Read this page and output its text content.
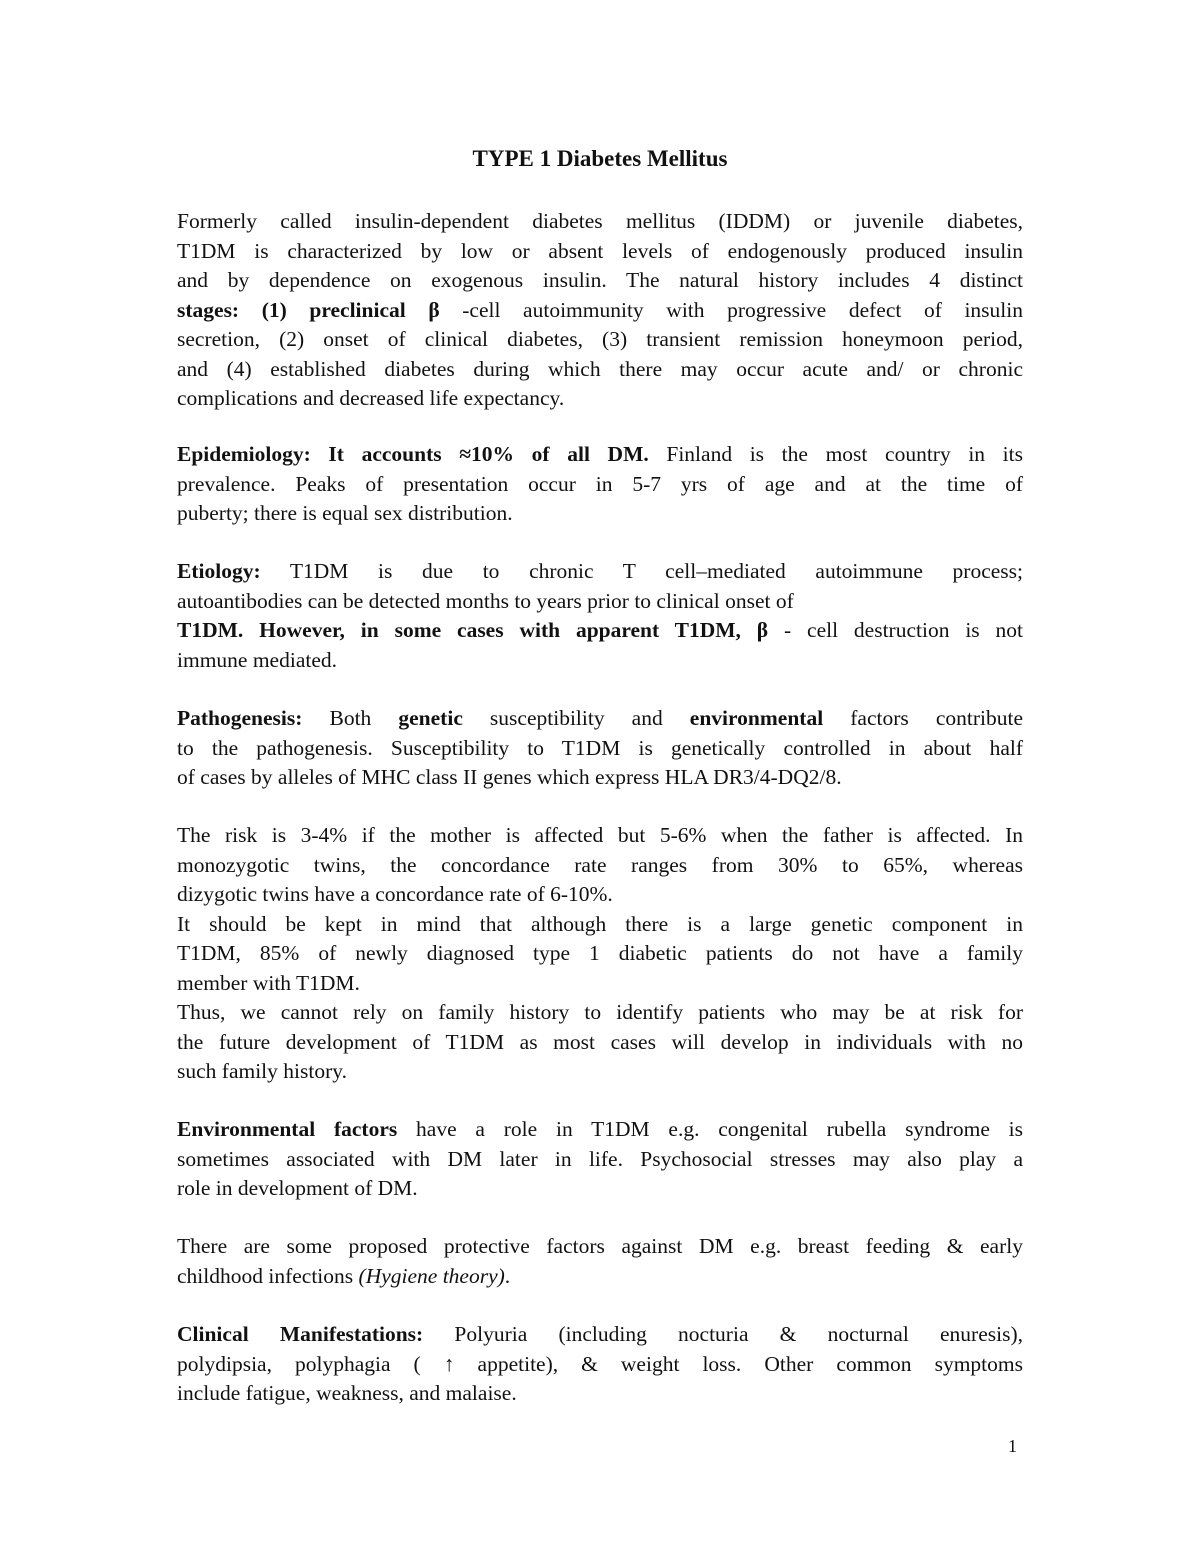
TYPE 1 Diabetes Mellitus
Formerly called insulin-dependent diabetes mellitus (IDDM) or juvenile diabetes,
T1DM is characterized by low or absent levels of endogenously produced insulin
and by dependence on exogenous insulin. The natural history includes 4 distinct
stages: (1) preclinical β -cell autoimmunity with progressive defect of insulin
secretion, (2) onset of clinical diabetes, (3) transient remission honeymoon period,
and (4) established diabetes during which there may occur acute and/ or chronic
complications and decreased life expectancy.
Epidemiology: It accounts ≈10% of all DM. Finland is the most country in its
prevalence. Peaks of presentation occur in 5-7 yrs of age and at the time of
puberty; there is equal sex distribution.
Etiology: T1DM is due to chronic T cell–mediated autoimmune process;
autoantibodies can be detected months to years prior to clinical onset of
T1DM. However, in some cases with apparent T1DM, β - cell destruction is not
immune mediated.
Pathogenesis: Both genetic susceptibility and environmental factors contribute
to the pathogenesis. Susceptibility to T1DM is genetically controlled in about half
of cases by alleles of MHC class II genes which express HLA DR3/4-DQ2/8.
The risk is 3-4% if the mother is affected but 5-6% when the father is affected. In
monozygotic twins, the concordance rate ranges from 30% to 65%, whereas
dizygotic twins have a concordance rate of 6-10%.
It should be kept in mind that although there is a large genetic component in
T1DM, 85% of newly diagnosed type 1 diabetic patients do not have a family
member with T1DM.
Thus, we cannot rely on family history to identify patients who may be at risk for
the future development of T1DM as most cases will develop in individuals with no
such family history.
Environmental factors have a role in T1DM e.g. congenital rubella syndrome is
sometimes associated with DM later in life. Psychosocial stresses may also play a
role in development of DM.
There are some proposed protective factors against DM e.g. breast feeding & early
childhood infections (Hygiene theory).
Clinical Manifestations: Polyuria (including nocturia & nocturnal enuresis),
polydipsia, polyphagia ( ↑ appetite), & weight loss. Other common symptoms
include fatigue, weakness, and malaise.
1
